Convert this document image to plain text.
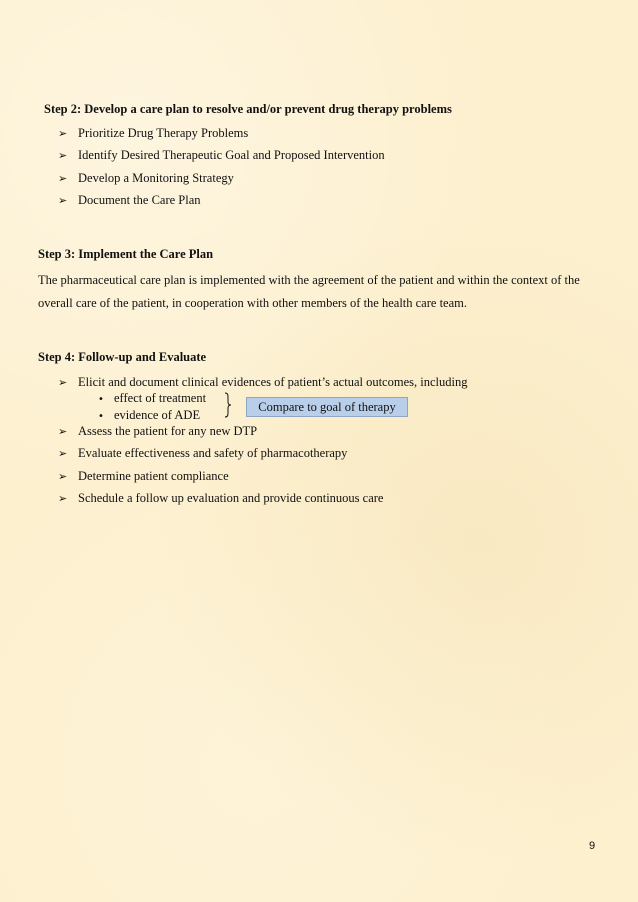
Step 2: Develop a care plan to resolve and/or prevent drug therapy problems

➢ Prioritize Drug Therapy Problems
➢ Identify Desired Therapeutic Goal and Proposed Intervention
➢ Develop a Monitoring Strategy
➢ Document the Care Plan

Step 3: Implement the Care Plan

The pharmaceutical care plan is implemented with the agreement of the patient and within the context of the

overall care of the patient, in cooperation with other members of the health care team.

Step 4: Follow-up and Evaluate

➢ Elicit and document clinical evidences of patient’s actual outcomes, including
• effect of treatment
• evidence of ADE
Compare to goal of therapy
➢ Assess the patient for any new DTP
➢ Evaluate effectiveness and safety of pharmacotherapy
➢ Determine patient compliance
➢ Schedule a follow up evaluation and provide continuous care
9
